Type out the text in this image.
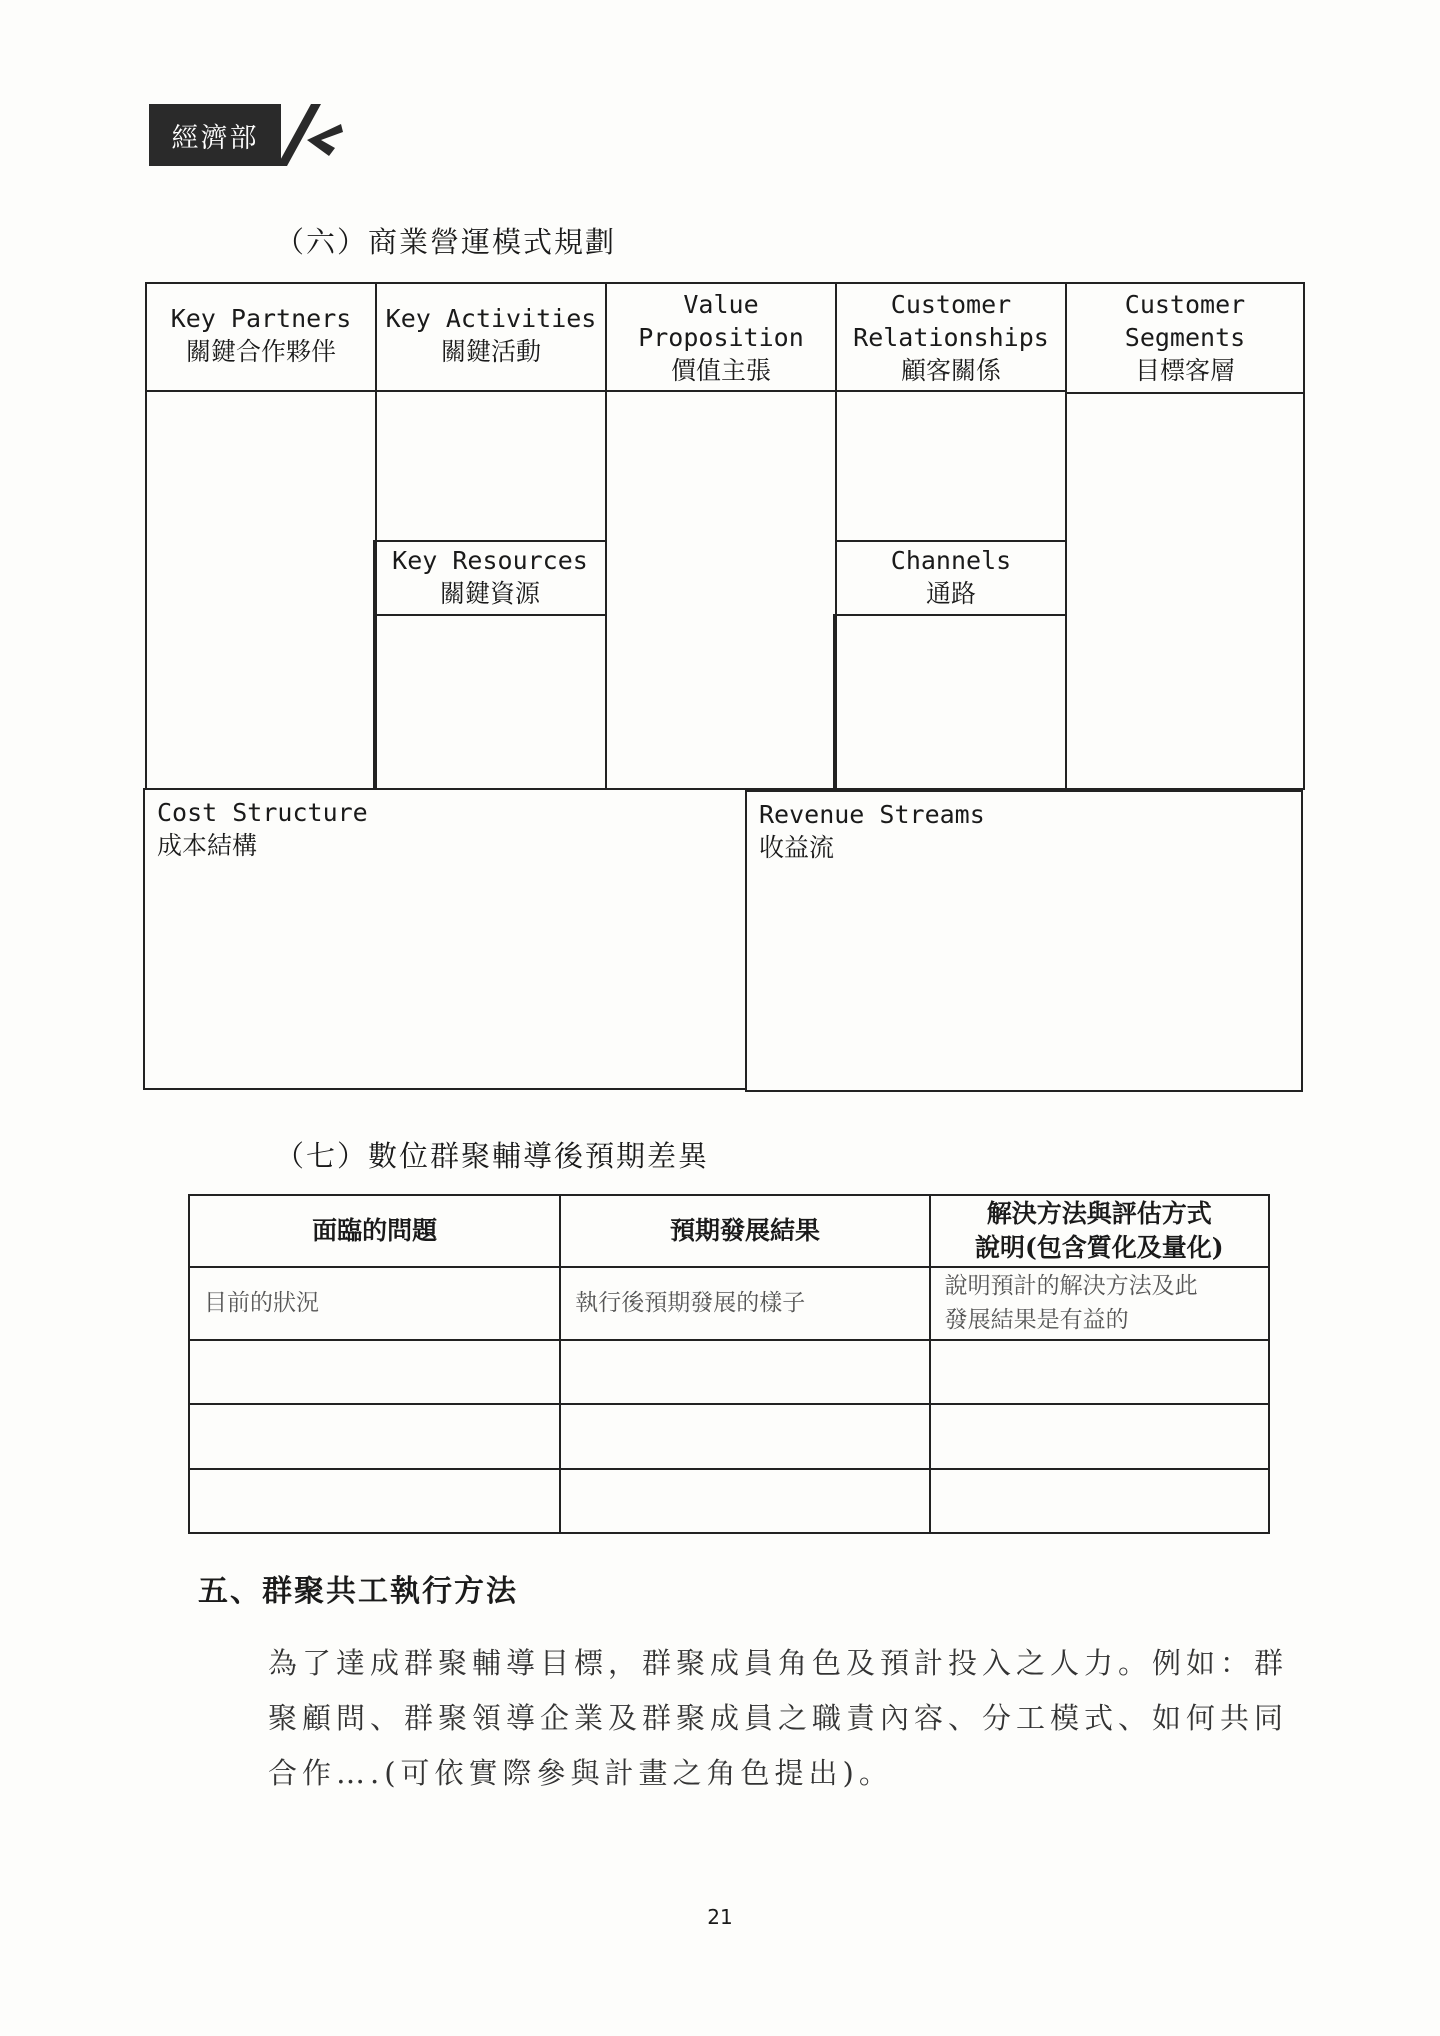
經濟部
（六）商業營運模式規劃
Key Partners
關鍵合作夥伴
Key Activities
關鍵活動
Value
Proposition
價值主張
Customer
Relationships
顧客關係
Customer
Segments
目標客層
Key Resources
關鍵資源
Channels
通路
Cost Structure
成本結構
Revenue Streams
收益流
（七）數位群聚輔導後預期差異
面臨的問題	預期發展結果	解決方法與評估方式
說明(包含質化及量化)
目前的狀況	執行後預期發展的樣子	說明預計的解決方法及此
發展結果是有益的

五、群聚共工執行方法

為了達成群聚輔導目標，群聚成員角色及預計投入之人力。例如：群聚顧問、群聚領導企業及群聚成員之職責內容、分工模式、如何共同合作….(可依實際參與計畫之角色提出)。

21
